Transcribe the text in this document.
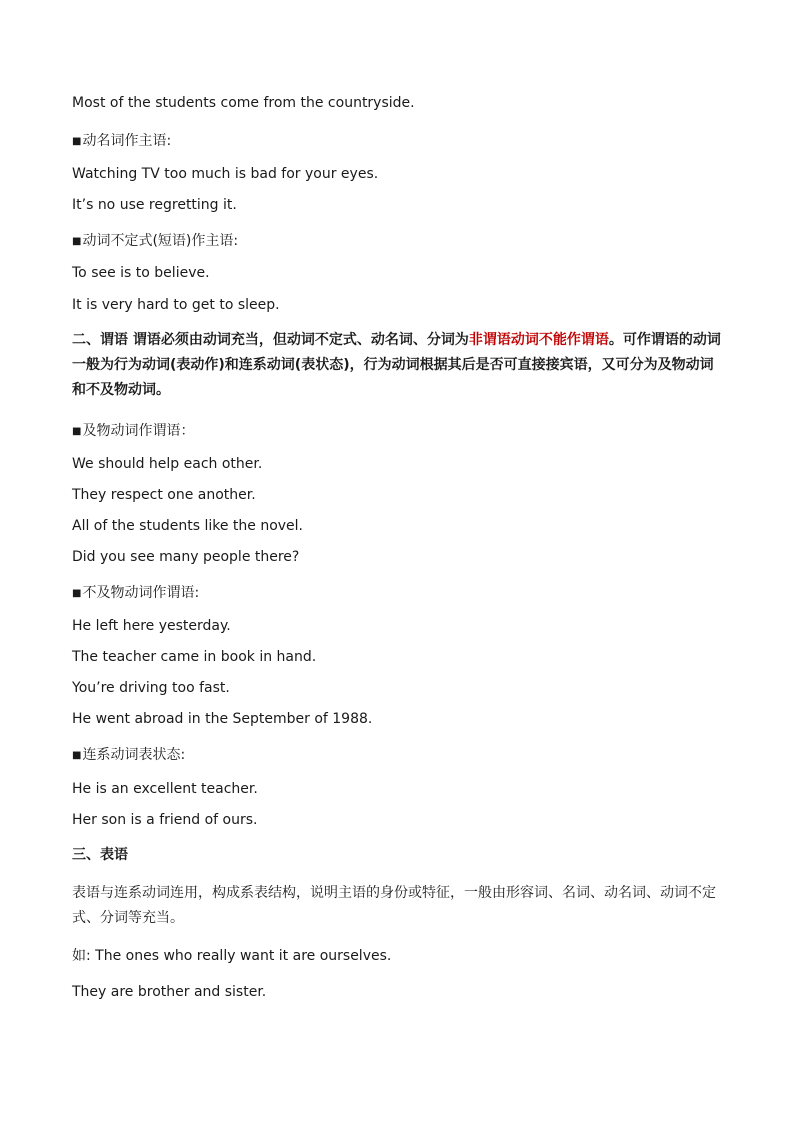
Most of the students come from the countryside.
■动名词作主语:
Watching TV too much is bad for your eyes.
It’s no use regretting it.
■动词不定式(短语)作主语:
To see is to believe.
It is very hard to get to sleep.
二、谓语 谓语必须由动词充当，但动词不定式、动名词、分词为非谓语动词不能作谓语。可作谓语的动词一般为行为动词(表动作)和连系动词(表状态)，行为动词根据其后是否可直接接宾语，又可分为及物动词和不及物动词。
■及物动词作谓语：
We should help each other.
They respect one another.
All of the students like the novel.
Did you see many people there?
■不及物动词作谓语:
He left here yesterday.
The teacher came in book in hand.
You’re driving too fast.
He went abroad in the September of 1988.
■连系动词表状态:
He is an excellent teacher.
Her son is a friend of ours.
三、表语
表语与连系动词连用，构成系表结构，说明主语的身份或特征，一般由形容词、名词、动名词、动词不定式、分词等充当。
如: The ones who really want it are ourselves.
They are brother and sister.
